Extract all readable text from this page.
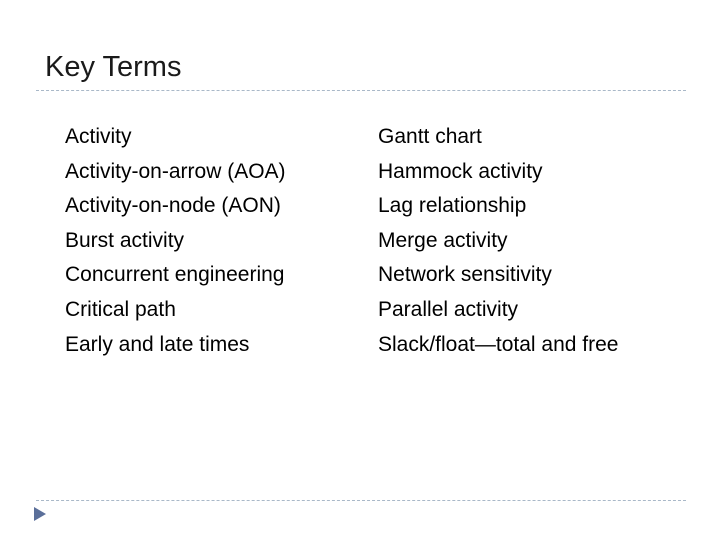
Key Terms
Activity
Activity-on-arrow (AOA)
Activity-on-node (AON)
Burst activity
Concurrent engineering
Critical path
Early and late times
Gantt chart
Hammock activity
Lag relationship
Merge activity
Network sensitivity
Parallel activity
Slack/float—total and free
